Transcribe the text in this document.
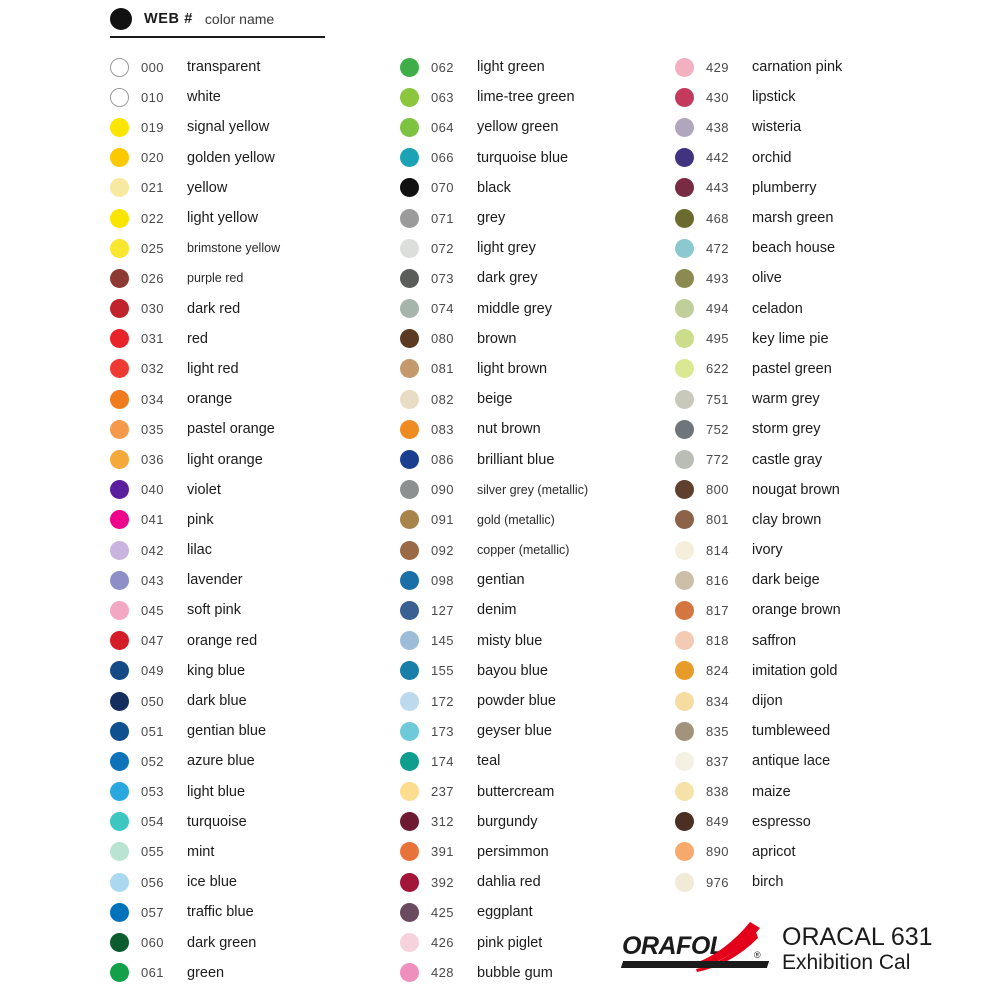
WEB # color name
000	transparent
010	white
019	signal yellow
020	golden yellow
021	yellow
022	light yellow
025	brimstone yellow
026	purple red
030	dark red
031	red
032	light red
034	orange
035	pastel orange
036	light orange
040	violet
041	pink
042	lilac
043	lavender
045	soft pink
047	orange red
049	king blue
050	dark blue
051	gentian blue
052	azure blue
053	light blue
054	turquoise
055	mint
056	ice blue
057	traffic blue
060	dark green
061	green
062	light green
063	lime-tree green
064	yellow green
066	turquoise blue
070	black
071	grey
072	light grey
073	dark grey
074	middle grey
080	brown
081	light brown
082	beige
083	nut brown
086	brilliant blue
090	silver grey (metallic)
091	gold (metallic)
092	copper (metallic)
098	gentian
127	denim
145	misty blue
155	bayou blue
172	powder blue
173	geyser blue
174	teal
237	buttercream
312	burgundy
391	persimmon
392	dahlia red
425	eggplant
426	pink piglet
428	bubble gum
429	carnation pink
430	lipstick
438	wisteria
442	orchid
443	plumberry
468	marsh green
472	beach house
493	olive
494	celadon
495	key lime pie
622	pastel green
751	warm grey
752	storm grey
772	castle gray
800	nougat brown
801	clay brown
814	ivory
816	dark beige
817	orange brown
818	saffron
824	imitation gold
834	dijon
835	tumbleweed
837	antique lace
838	maize
849	espresso
890	apricot
976	birch
ORAFOL	®
ORACAL 631
Exhibition Cal
